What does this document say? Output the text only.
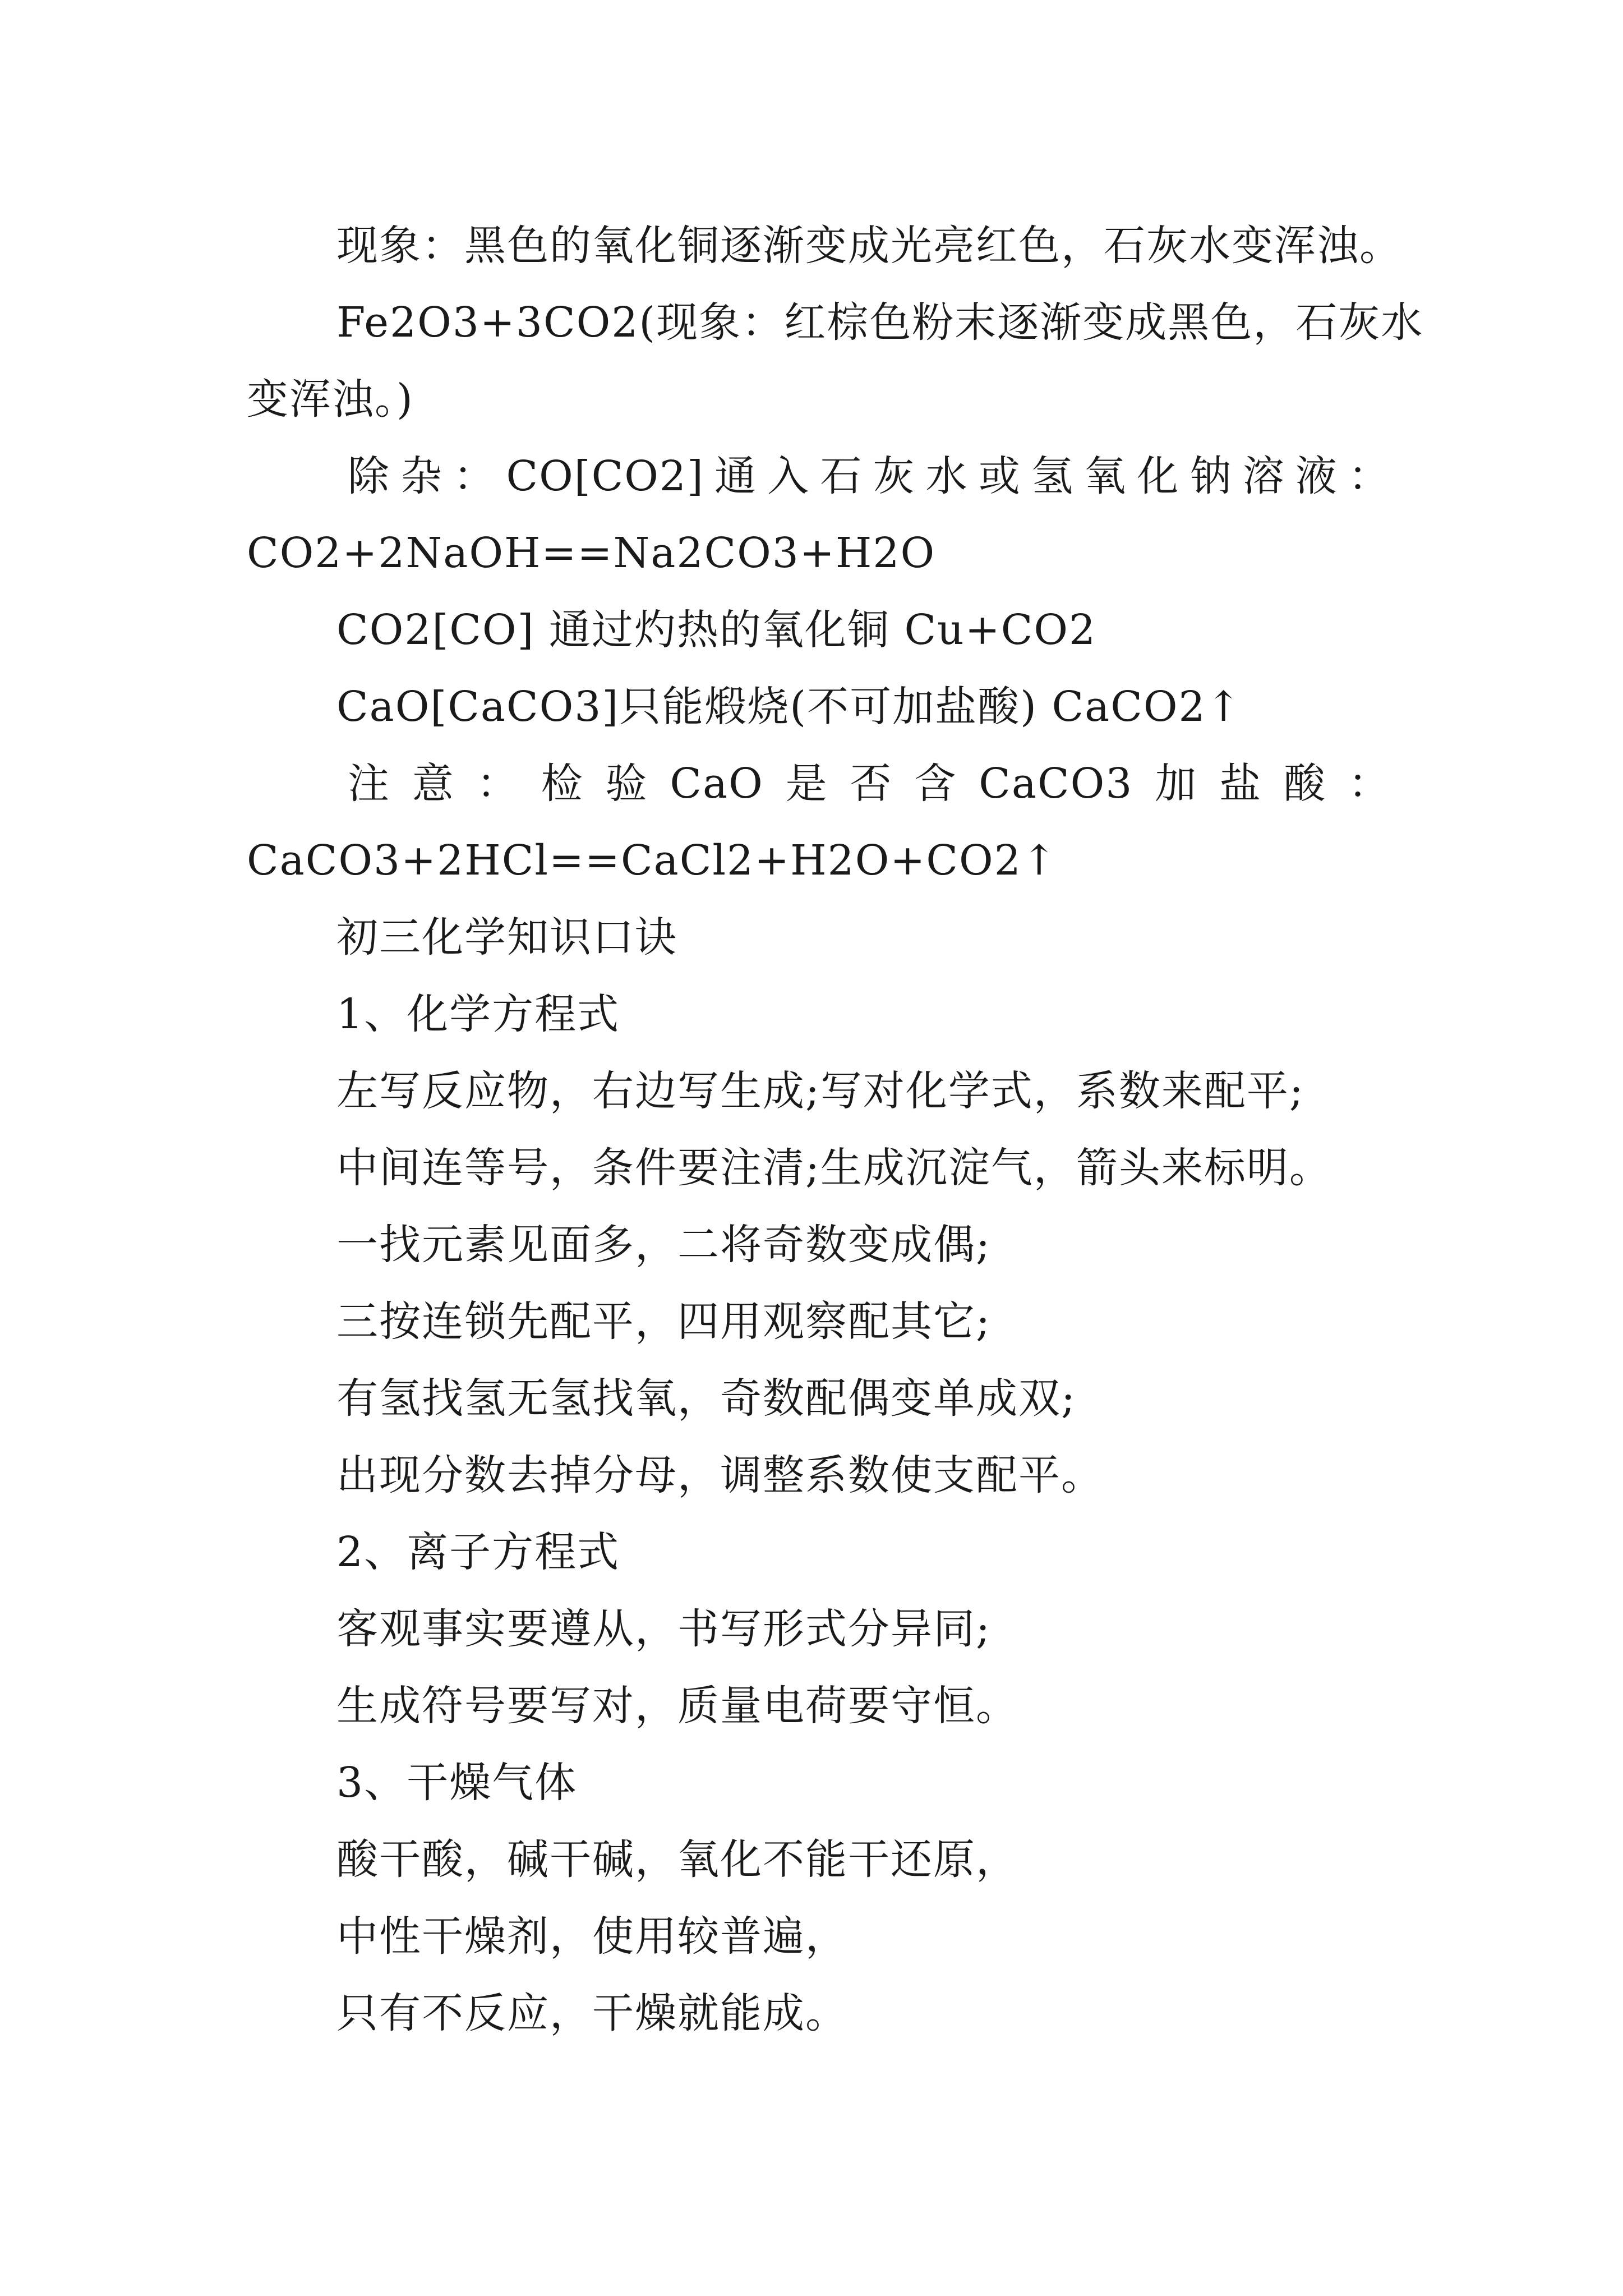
现象：黑色的氧化铜逐渐变成光亮红色，石灰水变浑浊。
Fe2O3+3CO2(现象：红棕色粉末逐渐变成黑色，石灰水
变浑浊。)
除 杂 ： CO[CO2] 通 入 石 灰 水 或 氢 氧 化 钠 溶 液 ：
CO2+2NaOH==Na2CO3+H2O
CO2[CO] 通过灼热的氧化铜 Cu+CO2
CaO[CaCO3]只能煅烧(不可加盐酸) CaCO2↑
注 意 ： 检 验 CaO 是 否 含 CaCO3 加 盐 酸 ：
CaCO3+2HCl==CaCl2+H2O+CO2↑
初三化学知识口诀
1、化学方程式
左写反应物，右边写生成;写对化学式，系数来配平;
中间连等号，条件要注清;生成沉淀气，箭头来标明。
一找元素见面多，二将奇数变成偶;
三按连锁先配平，四用观察配其它;
有氢找氢无氢找氧，奇数配偶变单成双;
出现分数去掉分母，调整系数使支配平。
2、离子方程式
客观事实要遵从，书写形式分异同;
生成符号要写对，质量电荷要守恒。
3、干燥气体
酸干酸，碱干碱，氧化不能干还原，
中性干燥剂，使用较普遍，
只有不反应，干燥就能成。
